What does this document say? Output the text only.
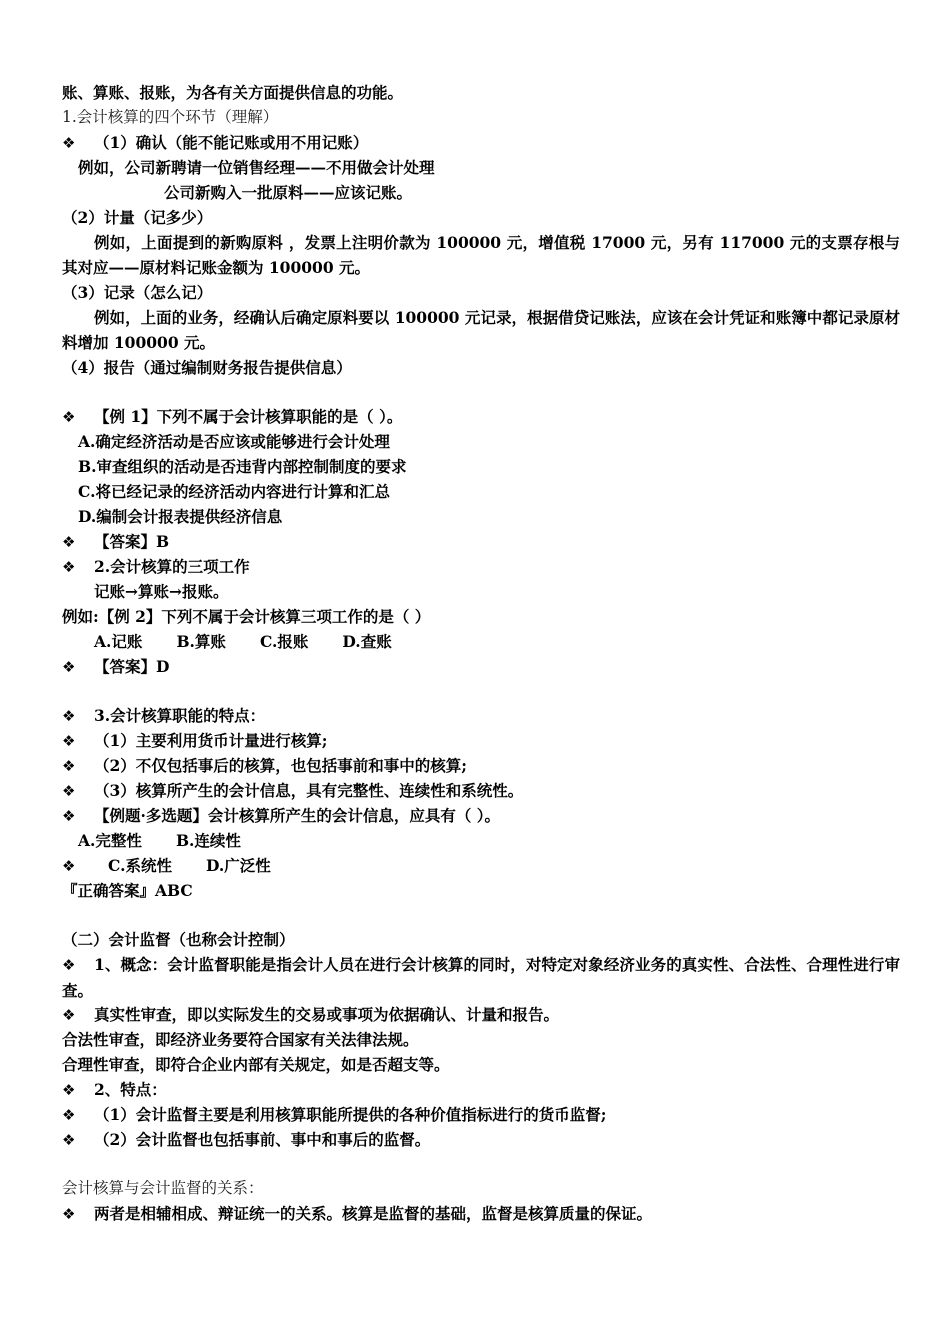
账、算账、报账，为各有关方面提供信息的功能。
1.会计核算的四个环节（理解）
❖ （1）确认（能不能记账或用不用记账）
例如，公司新聘请一位销售经理——不用做会计处理
公司新购入一批原料——应该记账。
（2）计量（记多少）
例如，上面提到的新购原料 ，发票上注明价款为 100000 元，增值税 17000 元，另有 117000 元的支票存根与其对应——原材料记账金额为 100000 元。
（3）记录（怎么记）
例如，上面的业务，经确认后确定原料要以 100000 元记录，根据借贷记账法，应该在会计凭证和账簿中都记录原材料增加 100000 元。
（4）报告（通过编制财务报告提供信息）
❖ 【例 1】下列不属于会计核算职能的是（ ）。
A.确定经济活动是否应该或能够进行会计处理
B.审查组织的活动是否违背内部控制制度的要求
C.将已经记录的经济活动内容进行计算和汇总
D.编制会计报表提供经济信息
❖ 【答案】B
❖ 2.会计核算的三项工作
记账→算账→报账。
例如:【例 2】下列不属于会计核算三项工作的是（ ）
A.记账 B.算账 C.报账 D.查账
❖ 【答案】D
❖ 3.会计核算职能的特点：
❖ （1）主要利用货币计量进行核算;
❖ （2）不仅包括事后的核算，也包括事前和事中的核算;
❖ （3）核算所产生的会计信息，具有完整性、连续性和系统性。
❖ 【例题·多选题】会计核算所产生的会计信息，应具有（ ）。
A.完整性 B.连续性
❖ C.系统性 D.广泛性
『正确答案』ABC
（二）会计监督（也称会计控制）
❖ 1、概念：会计监督职能是指会计人员在进行会计核算的同时，对特定对象经济业务的真实性、合法性、合理性进行审查。
❖ 真实性审查，即以实际发生的交易或事项为依据确认、计量和报告。
合法性审查，即经济业务要符合国家有关法律法规。
合理性审查，即符合企业内部有关规定，如是否超支等。
❖ 2、特点：
❖ （1）会计监督主要是利用核算职能所提供的各种价值指标进行的货币监督;
❖ （2）会计监督也包括事前、事中和事后的监督。
会计核算与会计监督的关系：
❖ 两者是相辅相成、辩证统一的关系。核算是监督的基础，监督是核算质量的保证。
